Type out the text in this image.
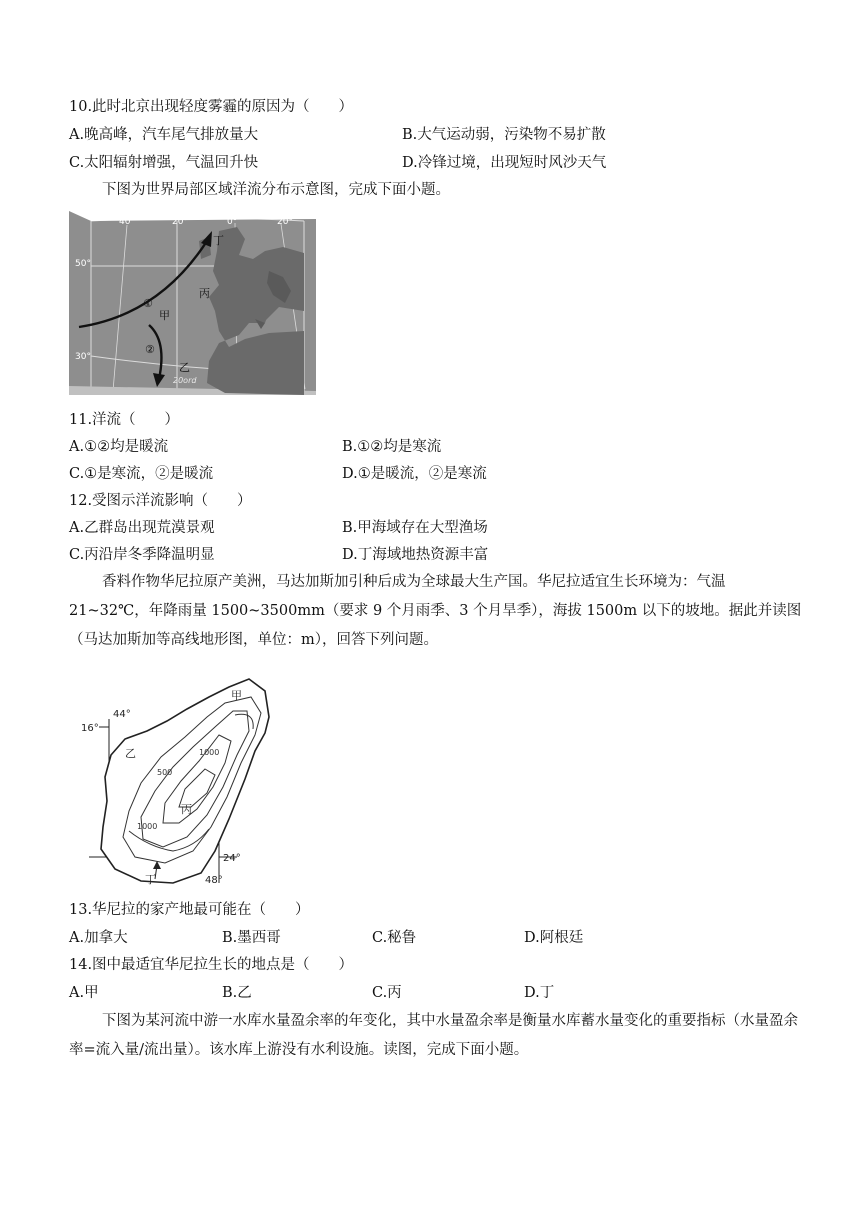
10.此时北京出现轻度雾霾的原因为（　　）
A.晚高峰，汽车尾气排放量大	B.大气运动弱，污染物不易扩散
C.太阳辐射增强，气温回升快	D.冷锋过境，出现短时风沙天气
下图为世界局部区域洋流分布示意图，完成下面小题。
40°	20°	0°	20°
50°
30°
丁
丙
甲
乙
①
②
20ord
11.洋流（　　）
A.①②均是暖流	B.①②均是寒流
C.①是寒流，②是暖流	D.①是暖流，②是寒流
12.受图示洋流影响（　　）
A.乙群岛出现荒漠景观	B.甲海域存在大型渔场
C.丙沿岸冬季降温明显	D.丁海域地热资源丰富
香料作物华尼拉原产美洲，马达加斯加引种后成为全球最大生产国。华尼拉适宜生长环境为：气温 21~32℃，年降雨量 1500~3500mm（要求 9 个月雨季、3 个月旱季），海拔 1500m 以下的坡地。据此并读图（马达加斯加等高线地形图，单位：m），回答下列问题。
44°
48°
16°
24°
甲
乙
丙
丁
500
1000
1000
13.华尼拉的家产地最可能在（　　）
A.加拿大	B.墨西哥	C.秘鲁	D.阿根廷
14.图中最适宜华尼拉生长的地点是（　　）
A.甲	B.乙	C.丙	D.丁
下图为某河流中游一水库水量盈余率的年变化，其中水量盈余率是衡量水库蓄水量变化的重要指标（水量盈余率=流入量/流出量）。该水库上游没有水利设施。读图，完成下面小题。
